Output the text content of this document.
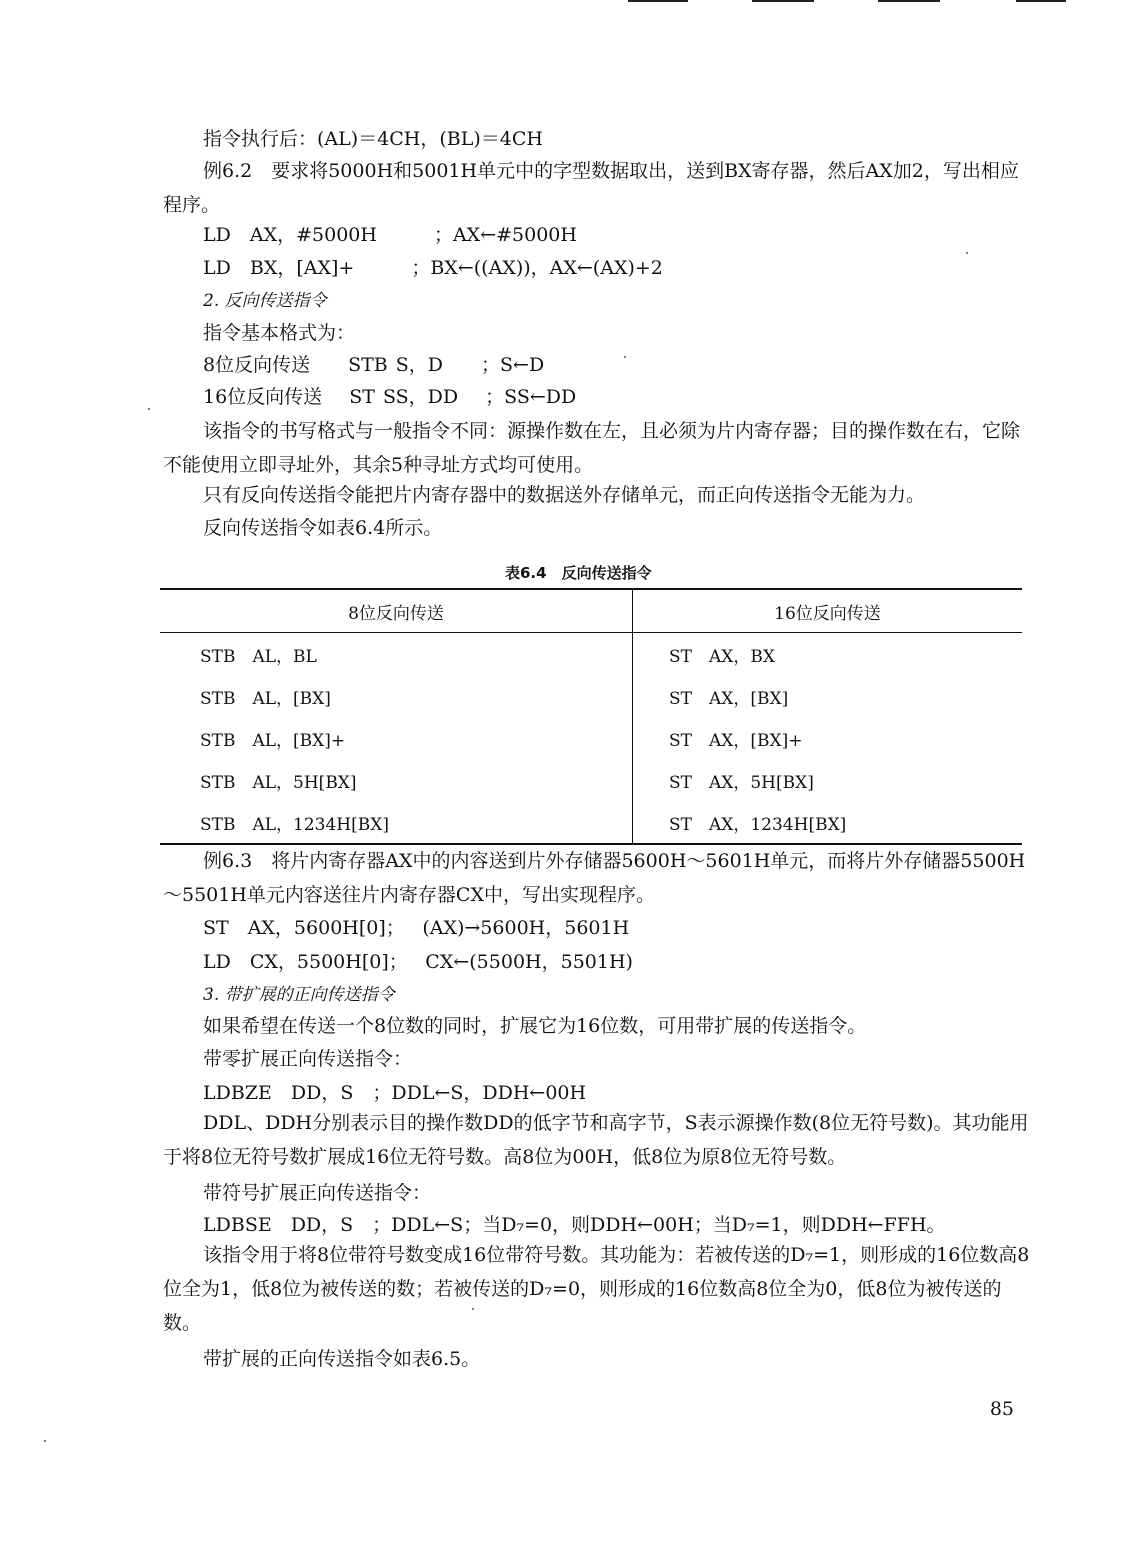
指令执行后：(AL)＝4CH，(BL)＝4CH
例6.2　要求将5000H和5001H单元中的字型数据取出，送到BX寄存器，然后AX加2，写出相应程序。
LD　AX，#5000H　　　；AX←#5000H
LD　BX，[AX]+　　　；BX←((AX))，AX←(AX)+2
2. 反向传送指令
指令基本格式为：
8位反向传送　　STB S，D　　；S←D
16位反向传送　 ST SS，DD　 ；SS←DD
该指令的书写格式与一般指令不同：源操作数在左，且必须为片内寄存器；目的操作数在右，它除不能使用立即寻址外，其余5种寻址方式均可使用。
只有反向传送指令能把片内寄存器中的数据送外存储单元，而正向传送指令无能为力。
反向传送指令如表6.4所示。
表6.4　反向传送指令
8位反向传送	16位反向传送
STB　AL，BL	ST　AX，BX
STB　AL，[BX]	ST　AX，[BX]
STB　AL，[BX]+	ST　AX，[BX]+
STB　AL，5H[BX]	ST　AX，5H[BX]
STB　AL，1234H[BX]	ST　AX，1234H[BX]
例6.3　将片内寄存器AX中的内容送到片外存储器5600H～5601H单元，而将片外存储器5500H～5501H单元内容送往片内寄存器CX中，写出实现程序。
ST　AX，5600H[0]；　 (AX)→5600H，5601H
LD　CX，5500H[0]；　 CX←(5500H，5501H)
3. 带扩展的正向传送指令
如果希望在传送一个8位数的同时，扩展它为16位数，可用带扩展的传送指令。
带零扩展正向传送指令：
LDBZE　DD，S　；DDL←S，DDH←00H
DDL、DDH分别表示目的操作数DD的低字节和高字节，S表示源操作数(8位无符号数)。其功能用于将8位无符号数扩展成16位无符号数。高8位为00H，低8位为原8位无符号数。
带符号扩展正向传送指令：
LDBSE　DD，S　；DDL←S；当D₇=0，则DDH←00H；当D₇=1，则DDH←FFH。
该指令用于将8位带符号数变成16位带符号数。其功能为：若被传送的D₇=1，则形成的16位数高8位全为1，低8位为被传送的数；若被传送的D₇=0，则形成的16位数高8位全为0，低8位为被传送的数。
带扩展的正向传送指令如表6.5。
85
